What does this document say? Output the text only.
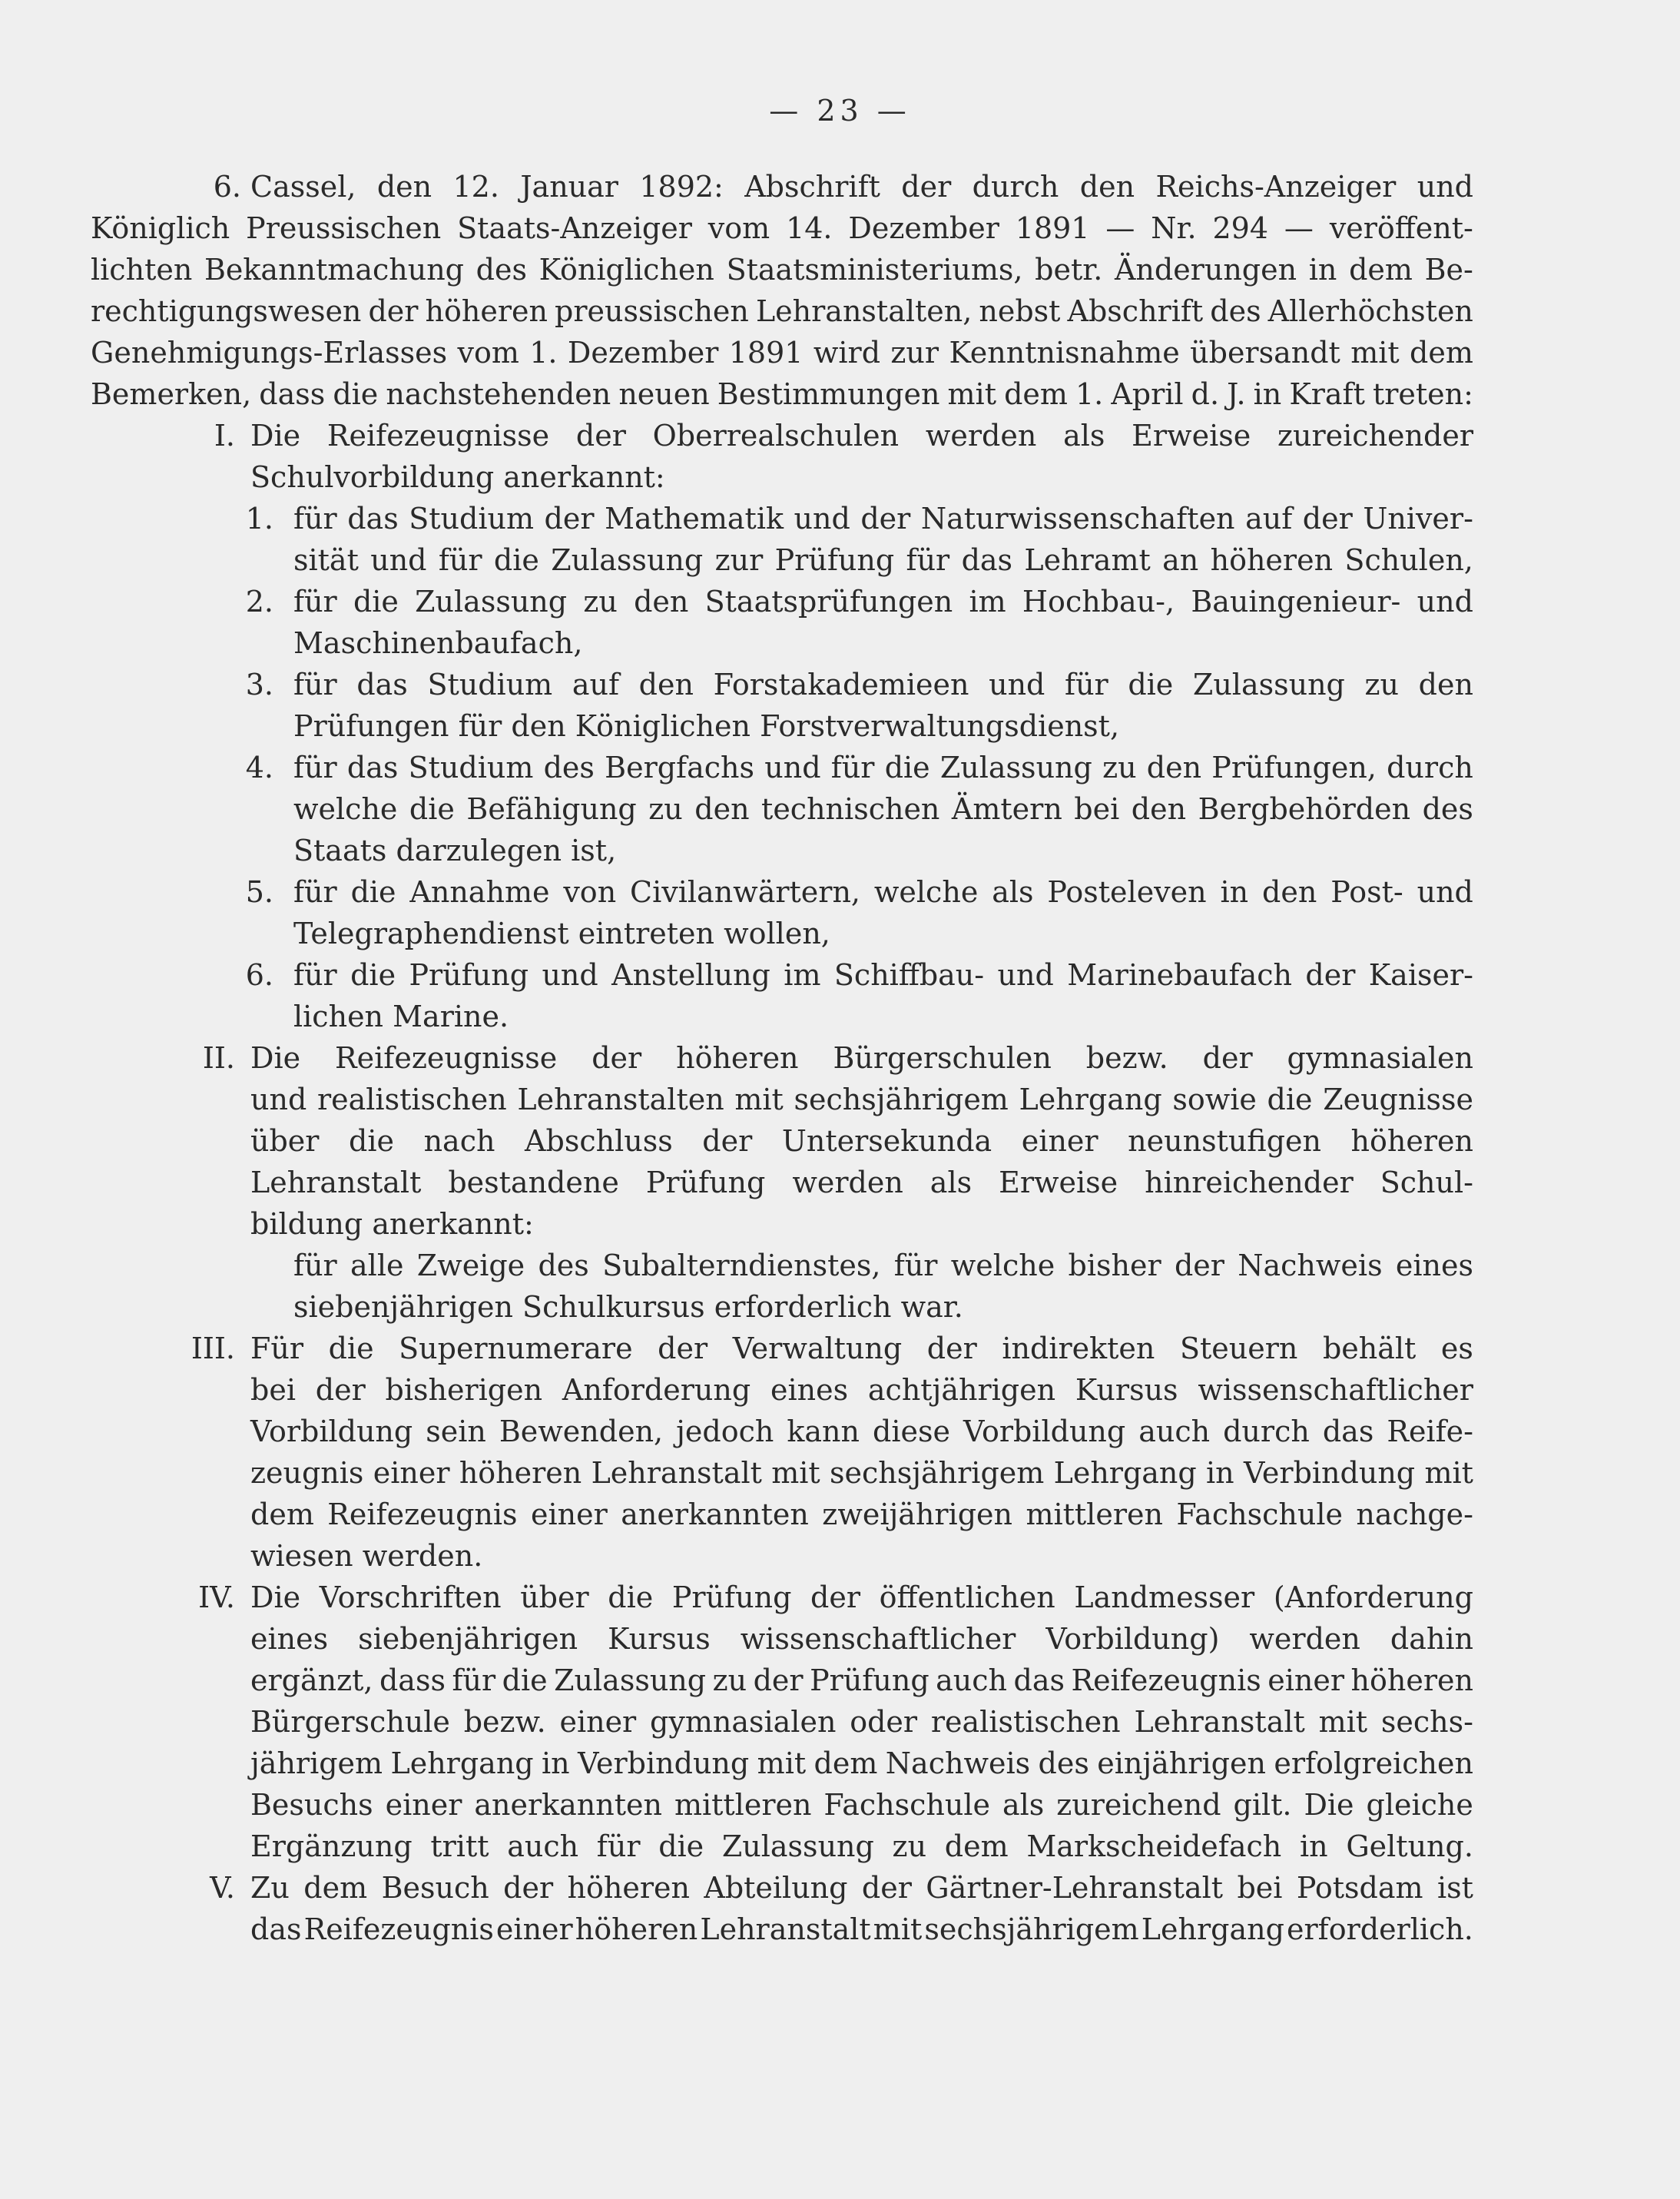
— 23 —
6. Cassel, den 12. Januar 1892: Abschrift der durch den Reichs-Anzeiger und
Königlich Preussischen Staats-Anzeiger vom 14. Dezember 1891 — Nr. 294 — veröffent-
lichten Bekanntmachung des Königlichen Staatsministeriums, betr. Änderungen in dem Be-
rechtigungswesen der höheren preussischen Lehranstalten, nebst Abschrift des Allerhöchsten
Genehmigungs-Erlasses vom 1. Dezember 1891 wird zur Kenntnisnahme übersandt mit dem
Bemerken, dass die nachstehenden neuen Bestimmungen mit dem 1. April d. J. in Kraft treten:
I. Die Reifezeugnisse der Oberrealschulen werden als Erweise zureichender
Schulvorbildung anerkannt:
1. für das Studium der Mathematik und der Naturwissenschaften auf der Univer-
sität und für die Zulassung zur Prüfung für das Lehramt an höheren Schulen,
2. für die Zulassung zu den Staatsprüfungen im Hochbau-, Bauingenieur- und
Maschinenbaufach,
3. für das Studium auf den Forstakademieen und für die Zulassung zu den
Prüfungen für den Königlichen Forstverwaltungsdienst,
4. für das Studium des Bergfachs und für die Zulassung zu den Prüfungen, durch
welche die Befähigung zu den technischen Ämtern bei den Bergbehörden des
Staats darzulegen ist,
5. für die Annahme von Civilanwärtern, welche als Posteleven in den Post- und
Telegraphendienst eintreten wollen,
6. für die Prüfung und Anstellung im Schiffbau- und Marinebaufach der Kaiser-
lichen Marine.
II. Die Reifezeugnisse der höheren Bürgerschulen bezw. der gymnasialen
und realistischen Lehranstalten mit sechsjährigem Lehrgang sowie die Zeugnisse
über die nach Abschluss der Untersekunda einer neunstufigen höheren
Lehranstalt bestandene Prüfung werden als Erweise hinreichender Schul-
bildung anerkannt:
für alle Zweige des Subalterndienstes, für welche bisher der Nachweis eines
siebenjährigen Schulkursus erforderlich war.
III. Für die Supernumerare der Verwaltung der indirekten Steuern behält es
bei der bisherigen Anforderung eines achtjährigen Kursus wissenschaftlicher
Vorbildung sein Bewenden, jedoch kann diese Vorbildung auch durch das Reife-
zeugnis einer höheren Lehranstalt mit sechsjährigem Lehrgang in Verbindung mit
dem Reifezeugnis einer anerkannten zweijährigen mittleren Fachschule nachge-
wiesen werden.
IV. Die Vorschriften über die Prüfung der öffentlichen Landmesser (Anforderung
eines siebenjährigen Kursus wissenschaftlicher Vorbildung) werden dahin
ergänzt, dass für die Zulassung zu der Prüfung auch das Reifezeugnis einer höheren
Bürgerschule bezw. einer gymnasialen oder realistischen Lehranstalt mit sechs-
jährigem Lehrgang in Verbindung mit dem Nachweis des einjährigen erfolgreichen
Besuchs einer anerkannten mittleren Fachschule als zureichend gilt. Die gleiche
Ergänzung tritt auch für die Zulassung zu dem Markscheidefach in Geltung.
V. Zu dem Besuch der höheren Abteilung der Gärtner-Lehranstalt bei Potsdam ist
das Reifezeugnis einer höheren Lehranstalt mit sechsjährigem Lehrgang erforderlich.
